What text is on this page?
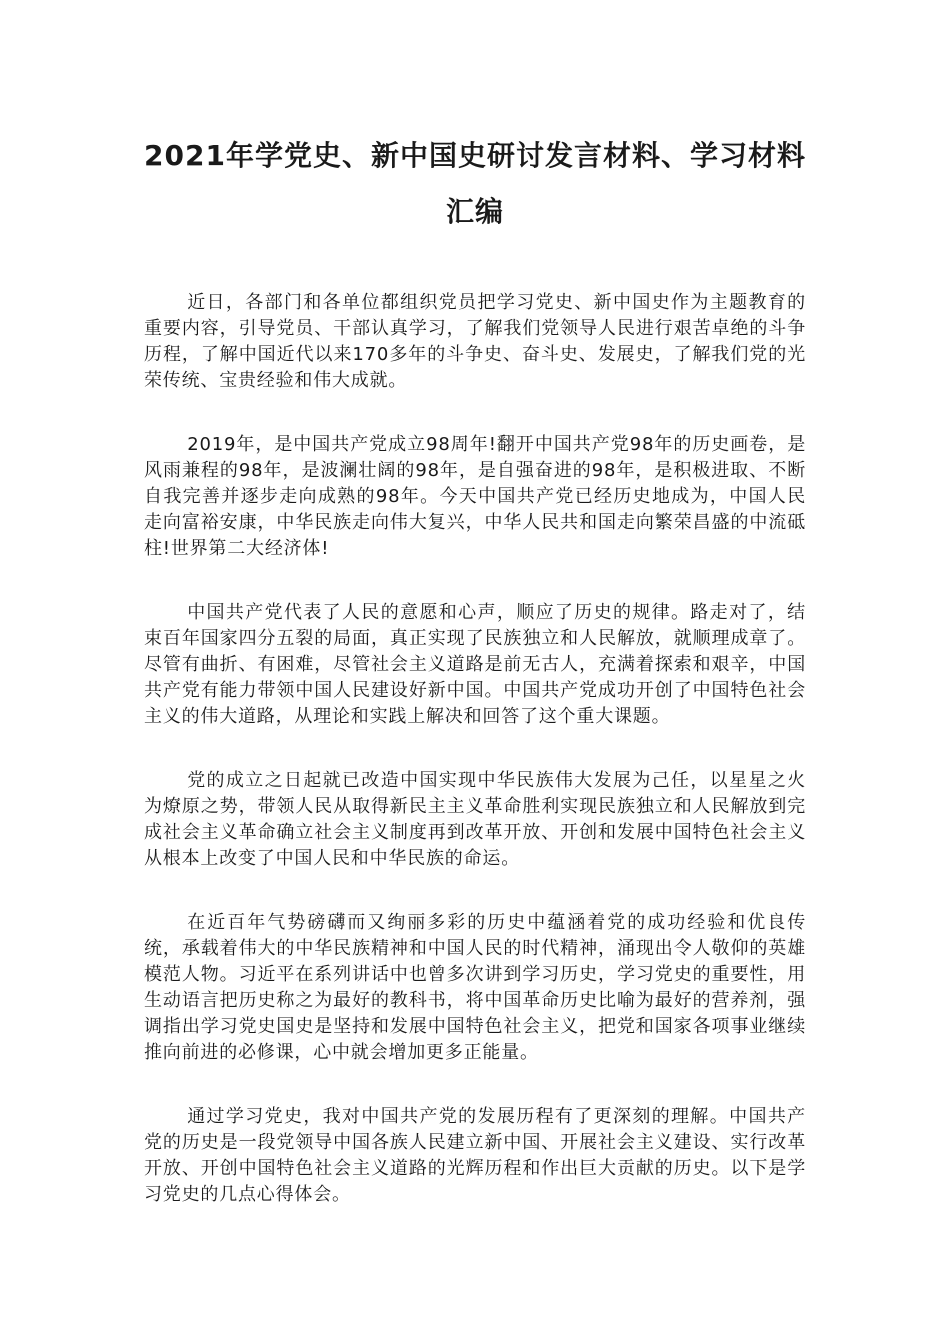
2021年学党史、新中国史研讨发言材料、学习材料汇编

近日，各部门和各单位都组织党员把学习党史、新中国史作为主题教育的重要内容，引导党员、干部认真学习，了解我们党领导人民进行艰苦卓绝的斗争历程，了解中国近代以来170多年的斗争史、奋斗史、发展史，了解我们党的光荣传统、宝贵经验和伟大成就。

2019年，是中国共产党成立98周年!翻开中国共产党98年的历史画卷，是风雨兼程的98年，是波澜壮阔的98年，是自强奋进的98年，是积极进取、不断自我完善并逐步走向成熟的98年。今天中国共产党已经历史地成为，中国人民走向富裕安康，中华民族走向伟大复兴，中华人民共和国走向繁荣昌盛的中流砥柱!世界第二大经济体!

中国共产党代表了人民的意愿和心声，顺应了历史的规律。路走对了，结束百年国家四分五裂的局面，真正实现了民族独立和人民解放，就顺理成章了。尽管有曲折、有困难，尽管社会主义道路是前无古人，充满着探索和艰辛，中国共产党有能力带领中国人民建设好新中国。中国共产党成功开创了中国特色社会主义的伟大道路，从理论和实践上解决和回答了这个重大课题。

党的成立之日起就已改造中国实现中华民族伟大发展为己任，以星星之火为燎原之势，带领人民从取得新民主主义革命胜利实现民族独立和人民解放到完成社会主义革命确立社会主义制度再到改革开放、开创和发展中国特色社会主义从根本上改变了中国人民和中华民族的命运。

在近百年气势磅礴而又绚丽多彩的历史中蕴涵着党的成功经验和优良传统，承载着伟大的中华民族精神和中国人民的时代精神，涌现出令人敬仰的英雄模范人物。习近平在系列讲话中也曾多次讲到学习历史，学习党史的重要性，用生动语言把历史称之为最好的教科书，将中国革命历史比喻为最好的营养剂，强调指出学习党史国史是坚持和发展中国特色社会主义，把党和国家各项事业继续推向前进的必修课，心中就会增加更多正能量。

通过学习党史，我对中国共产党的发展历程有了更深刻的理解。中国共产党的历史是一段党领导中国各族人民建立新中国、开展社会主义建设、实行改革开放、开创中国特色社会主义道路的光辉历程和作出巨大贡献的历史。以下是学习党史的几点心得体会。
